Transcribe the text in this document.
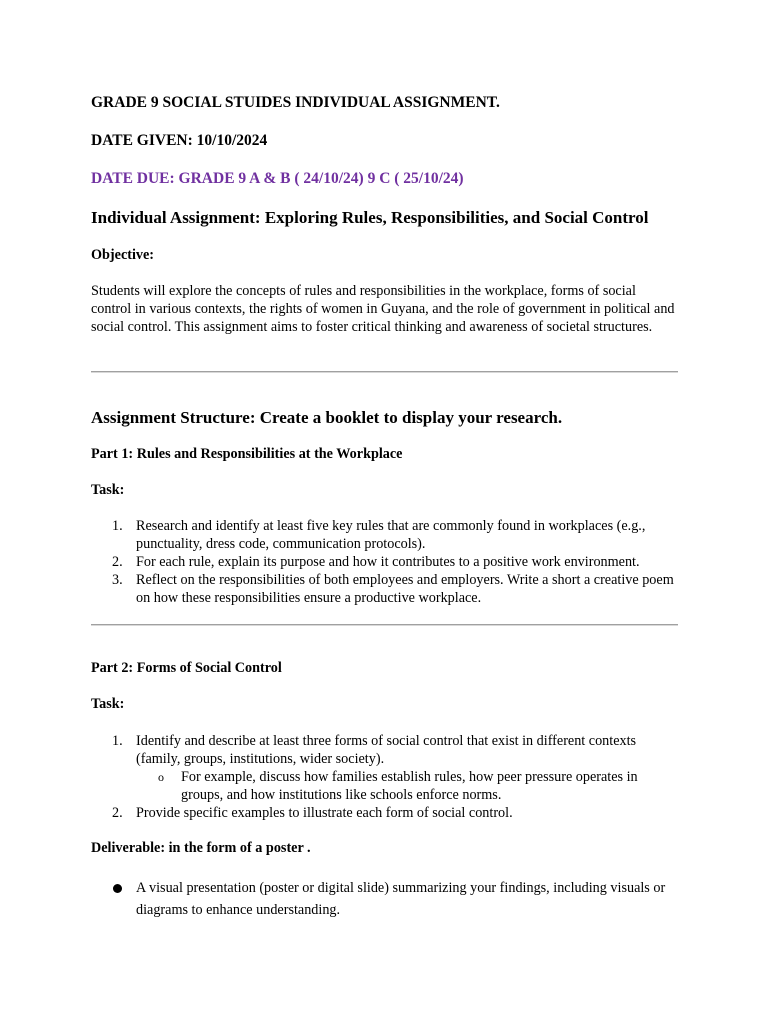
GRADE 9 SOCIAL STUIDES INDIVIDUAL ASSIGNMENT.

DATE GIVEN: 10/10/2024

DATE DUE: GRADE 9 A & B ( 24/10/24) 9 C ( 25/10/24)

Individual Assignment: Exploring Rules, Responsibilities, and Social Control

Objective:

Students will explore the concepts of rules and responsibilities in the workplace, forms of social control in various contexts, the rights of women in Guyana, and the role of government in political and social control. This assignment aims to foster critical thinking and awareness of societal structures.

Assignment Structure: Create a booklet to display your research.

Part 1: Rules and Responsibilities at the Workplace

Task:

1. Research and identify at least five key rules that are commonly found in workplaces (e.g., punctuality, dress code, communication protocols).
2. For each rule, explain its purpose and how it contributes to a positive work environment.
3. Reflect on the responsibilities of both employees and employers. Write a short a creative poem on how these responsibilities ensure a productive workplace.

Part 2: Forms of Social Control

Task:

1. Identify and describe at least three forms of social control that exist in different contexts (family, groups, institutions, wider society).
o For example, discuss how families establish rules, how peer pressure operates in groups, and how institutions like schools enforce norms.
2. Provide specific examples to illustrate each form of social control.

Deliverable: in the form of a poster .

A visual presentation (poster or digital slide) summarizing your findings, including visuals or diagrams to enhance understanding.
